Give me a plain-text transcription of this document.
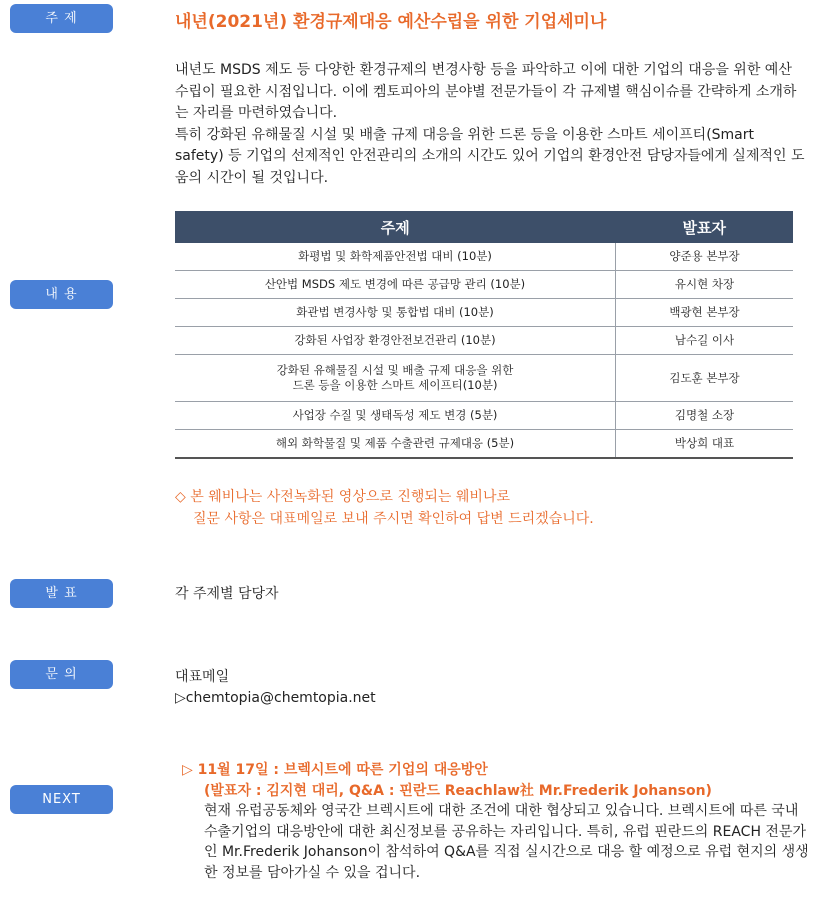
주 제	내년(2021년) 환경규제대응 예산수립을 위한 기업세미나

내년도 MSDS 제도 등 다양한 환경규제의 변경사항 등을 파악하고 이에 대한 기업의 대응을 위한 예산수립이 필요한 시점입니다. 이에 켐토피아의 분야별 전문가들이 각 규제별 핵심이슈를 간략하게 소개하는 자리를 마련하였습니다.

특히 강화된 유해물질 시설 및 배출 규제 대응을 위한 드론 등을 이용한 스마트 세이프티(Smart safety) 등 기업의 선제적인 안전관리의 소개의 시간도 있어 기업의 환경안전 담당자들에게 실제적인 도움의 시간이 될 것입니다.

내 용
주제	발표자
화평법 및 화학제품안전법 대비 (10분)	양준용 본부장
산안법 MSDS 제도 변경에 따른 공급망 관리 (10분)	유시현 차장
화관법 변경사항 및 통합법 대비 (10분)	백광현 본부장
강화된 사업장 환경안전보건관리 (10분)	남수길 이사

강화된 유해물질 시설 및 배출 규제 대응을 위한
드론 등을 이용한 스마트 세이프티(10분)	김도훈 본부장
사업장 수질 및 생태독성 제도 변경 (5분)	김명철 소장
해외 화학물질 및 제품 수출관련 규제대응 (5분)	박상희 대표
◇ 본 웨비나는 사전녹화된 영상으로 진행되는 웨비나로
질문 사항은 대표메일로 보내 주시면 확인하여 답변 드리겠습니다.
발 표	각 주제별 담당자
문 의	대표메일
▷chemtopia@chemtopia.net
NEXT
▷ 11월 17일 : 브렉시트에 따른 기업의 대응방안
(발표자 : 김지현 대리, Q&A : 핀란드 Reachlaw社 Mr.Frederik Johanson)
현재 유럽공동체와 영국간 브렉시트에 대한 조건에 대한 협상되고 있습니다. 브렉시트에 따른 국내 수출기업의 대응방안에 대한 최신정보를 공유하는 자리입니다. 특히, 유럽 핀란드의 REACH 전문가인 Mr.Frederik Johanson이 참석하여 Q&A를 직접 실시간으로 대응 할 예정으로 유럽 현지의 생생한 정보를 담아가실 수 있을 겁니다.
